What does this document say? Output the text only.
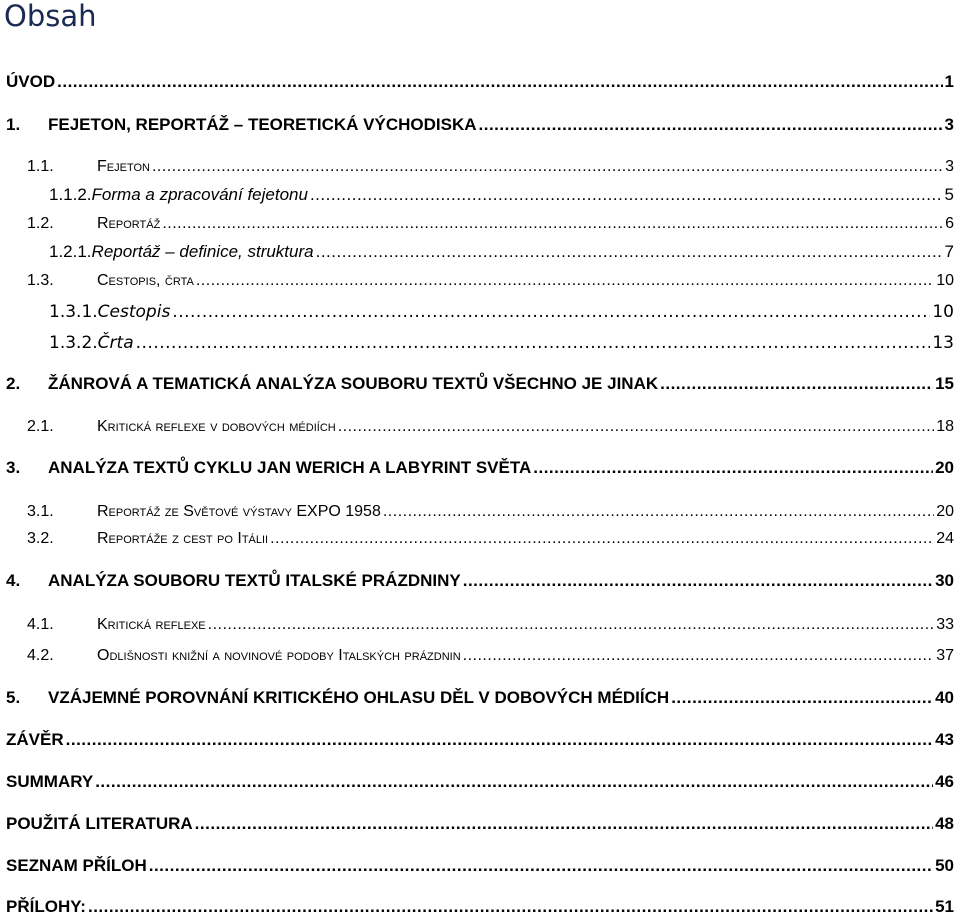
Obsah
ÚVOD .....	1
1.	FEJETON, REPORTÁŽ – TEORETICKÁ VÝCHODISKA .....	3
1.1.	Fejeton .....	3
1.1.2. Forma a zpracování fejetonu .....	5
1.2.	Reportáž .....	6
1.2.1. Reportáž – definice, struktura .....	7
1.3.	Cestopis, črta .....	10
1.3.1. Cestopis .....	10
1.3.2. Črta .....	13
2.	ŽÁNROVÁ A TEMATICKÁ ANALÝZA SOUBORU TEXTŮ VŠECHNO JE JINAK .....	15
2.1.	Kritická reflexe v dobových médiích .....	18
3.	ANALÝZA TEXTŮ CYKLU JAN WERICH A LABYRINT SVĚTA .....	20
3.1.	Reportáž ze Světové výstavy EXPO 1958 .....	20
3.2.	Reportáže z cest po Itálii .....	24
4.	ANALÝZA SOUBORU TEXTŮ ITALSKÉ PRÁZDNINY .....	30
4.1.	Kritická reflexe .....	33
4.2.	Odlišnosti knižní a novinové podoby Italských prázdnin .....	37
5.	VZÁJEMNÉ POROVNÁNÍ KRITICKÉHO OHLASU DĚL V DOBOVÝCH MÉDIÍCH .....	40
ZÁVĚR .....	43
SUMMARY .....	46
POUŽITÁ LITERATURA .....	48
SEZNAM PŘÍLOH .....	50
PŘÍLOHY: .....	51
